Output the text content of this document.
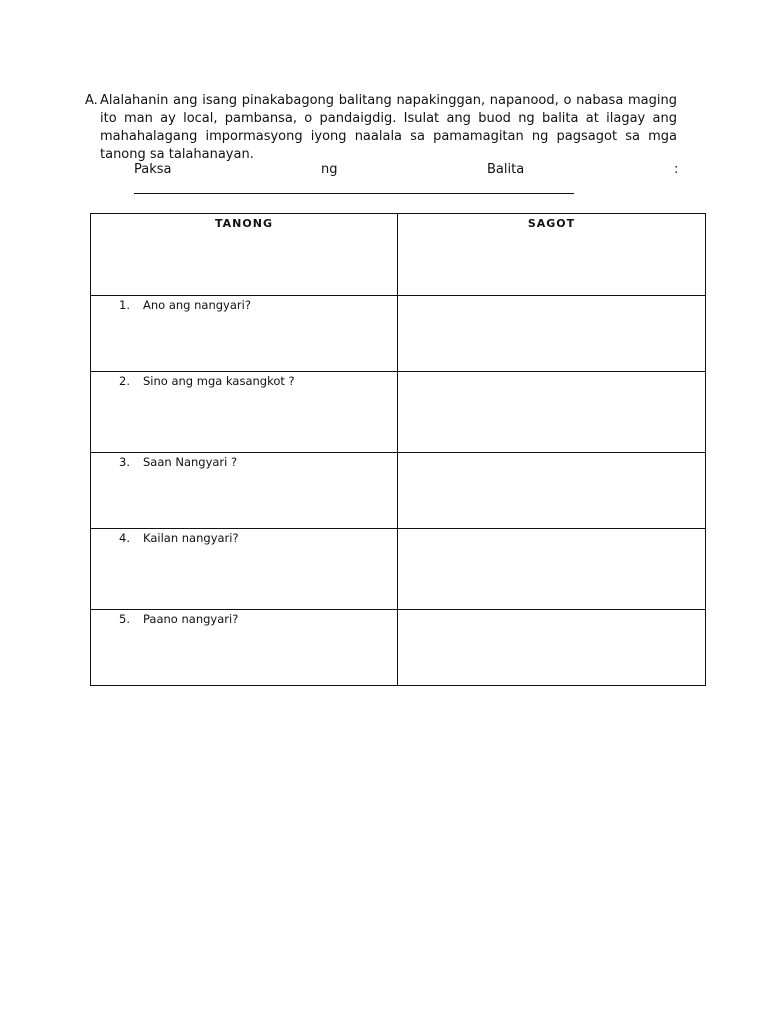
A. Alalahanin ang isang pinakabagong balitang napakinggan, napanood, o nabasa maging ito man ay local, pambansa, o pandaigdig. Isulat ang buod ng balita at ilagay ang mahahalagang impormasyong iyong naalala sa pamamagitan ng pagsagot sa mga tanong sa talahanayan.

Paksa	ng	Balita	:
TANONG	SAGOT
1. Ano ang nangyari?	
2. Sino ang mga kasangkot ?	
3. Saan Nangyari ?	
4. Kailan nangyari?	
5. Paano nangyari?	
